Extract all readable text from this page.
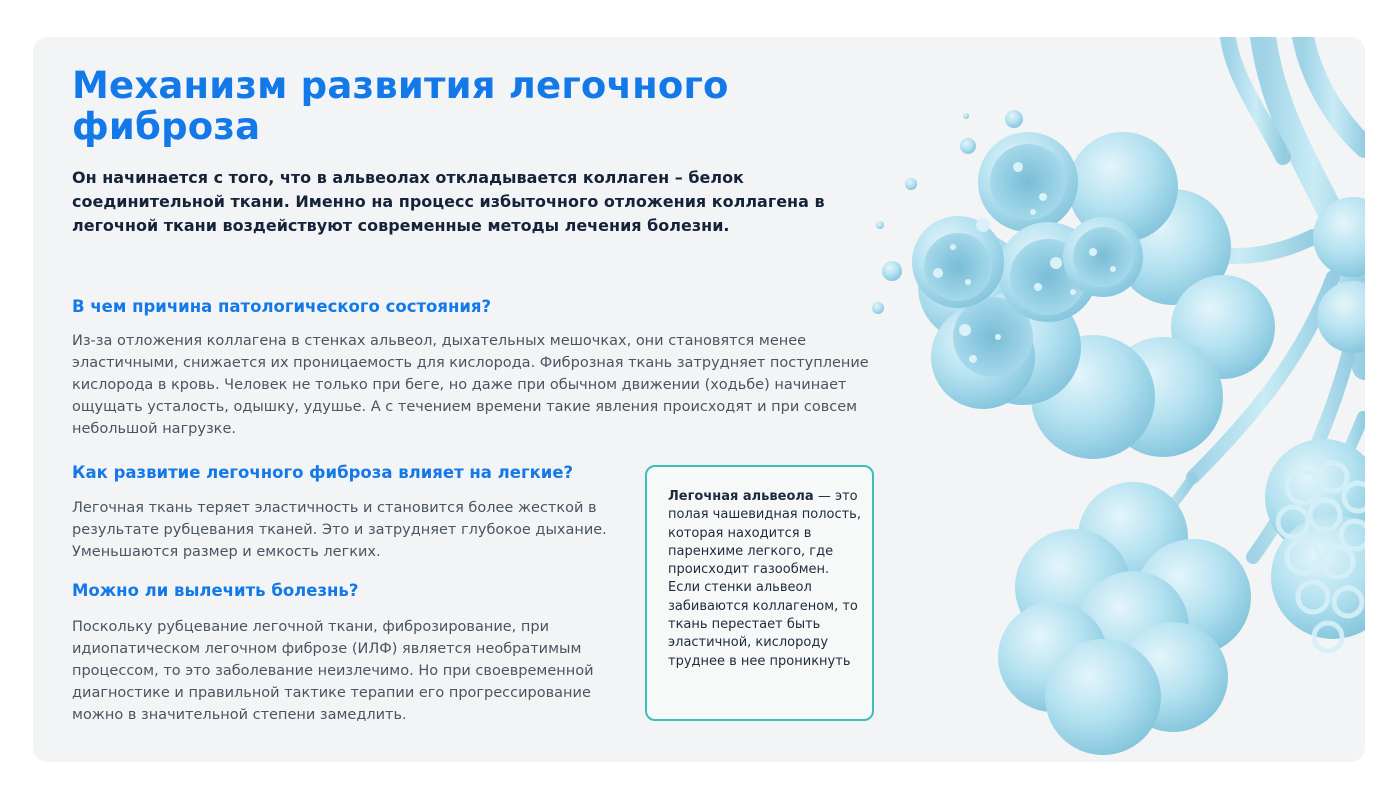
Механизм развития легочного фиброза

Он начинается с того, что в альвеолах откладывается коллаген – белок соединительной ткани. Именно на процесс избыточного отложения коллагена в легочной ткани воздействуют современные методы лечения болезни.

В чем причина патологического состояния?

Из-за отложения коллагена в стенках альвеол, дыхательных мешочках, они становятся менее эластичными, снижается их проницаемость для кислорода. Фиброзная ткань затрудняет поступление кислорода в кровь. Человек не только при беге, но даже при обычном движении (ходьбе) начинает ощущать усталость, одышку, удушье. А с течением времени такие явления происходят и при совсем небольшой нагрузке.

Как развитие легочного фиброза влияет на легкие?

Легочная ткань теряет эластичность и становится более жесткой в результате рубцевания тканей. Это и затрудняет глубокое дыхание. Уменьшаются размер и емкость легких.

Можно ли вылечить болезнь?

Поскольку рубцевание легочной ткани, фиброзирование, при идиопатическом легочном фиброзе (ИЛФ) является необратимым процессом, то это заболевание неизлечимо. Но при своевременной диагностике и правильной тактике терапии его прогрессирование можно в значительной степени замедлить.

Легочная альвеола — это полая чашевидная полость, которая находится в паренхиме легкого, где происходит газообмен. Если стенки альвеол забиваются коллагеном, то ткань перестает быть эластичной, кислороду труднее в нее проникнуть
